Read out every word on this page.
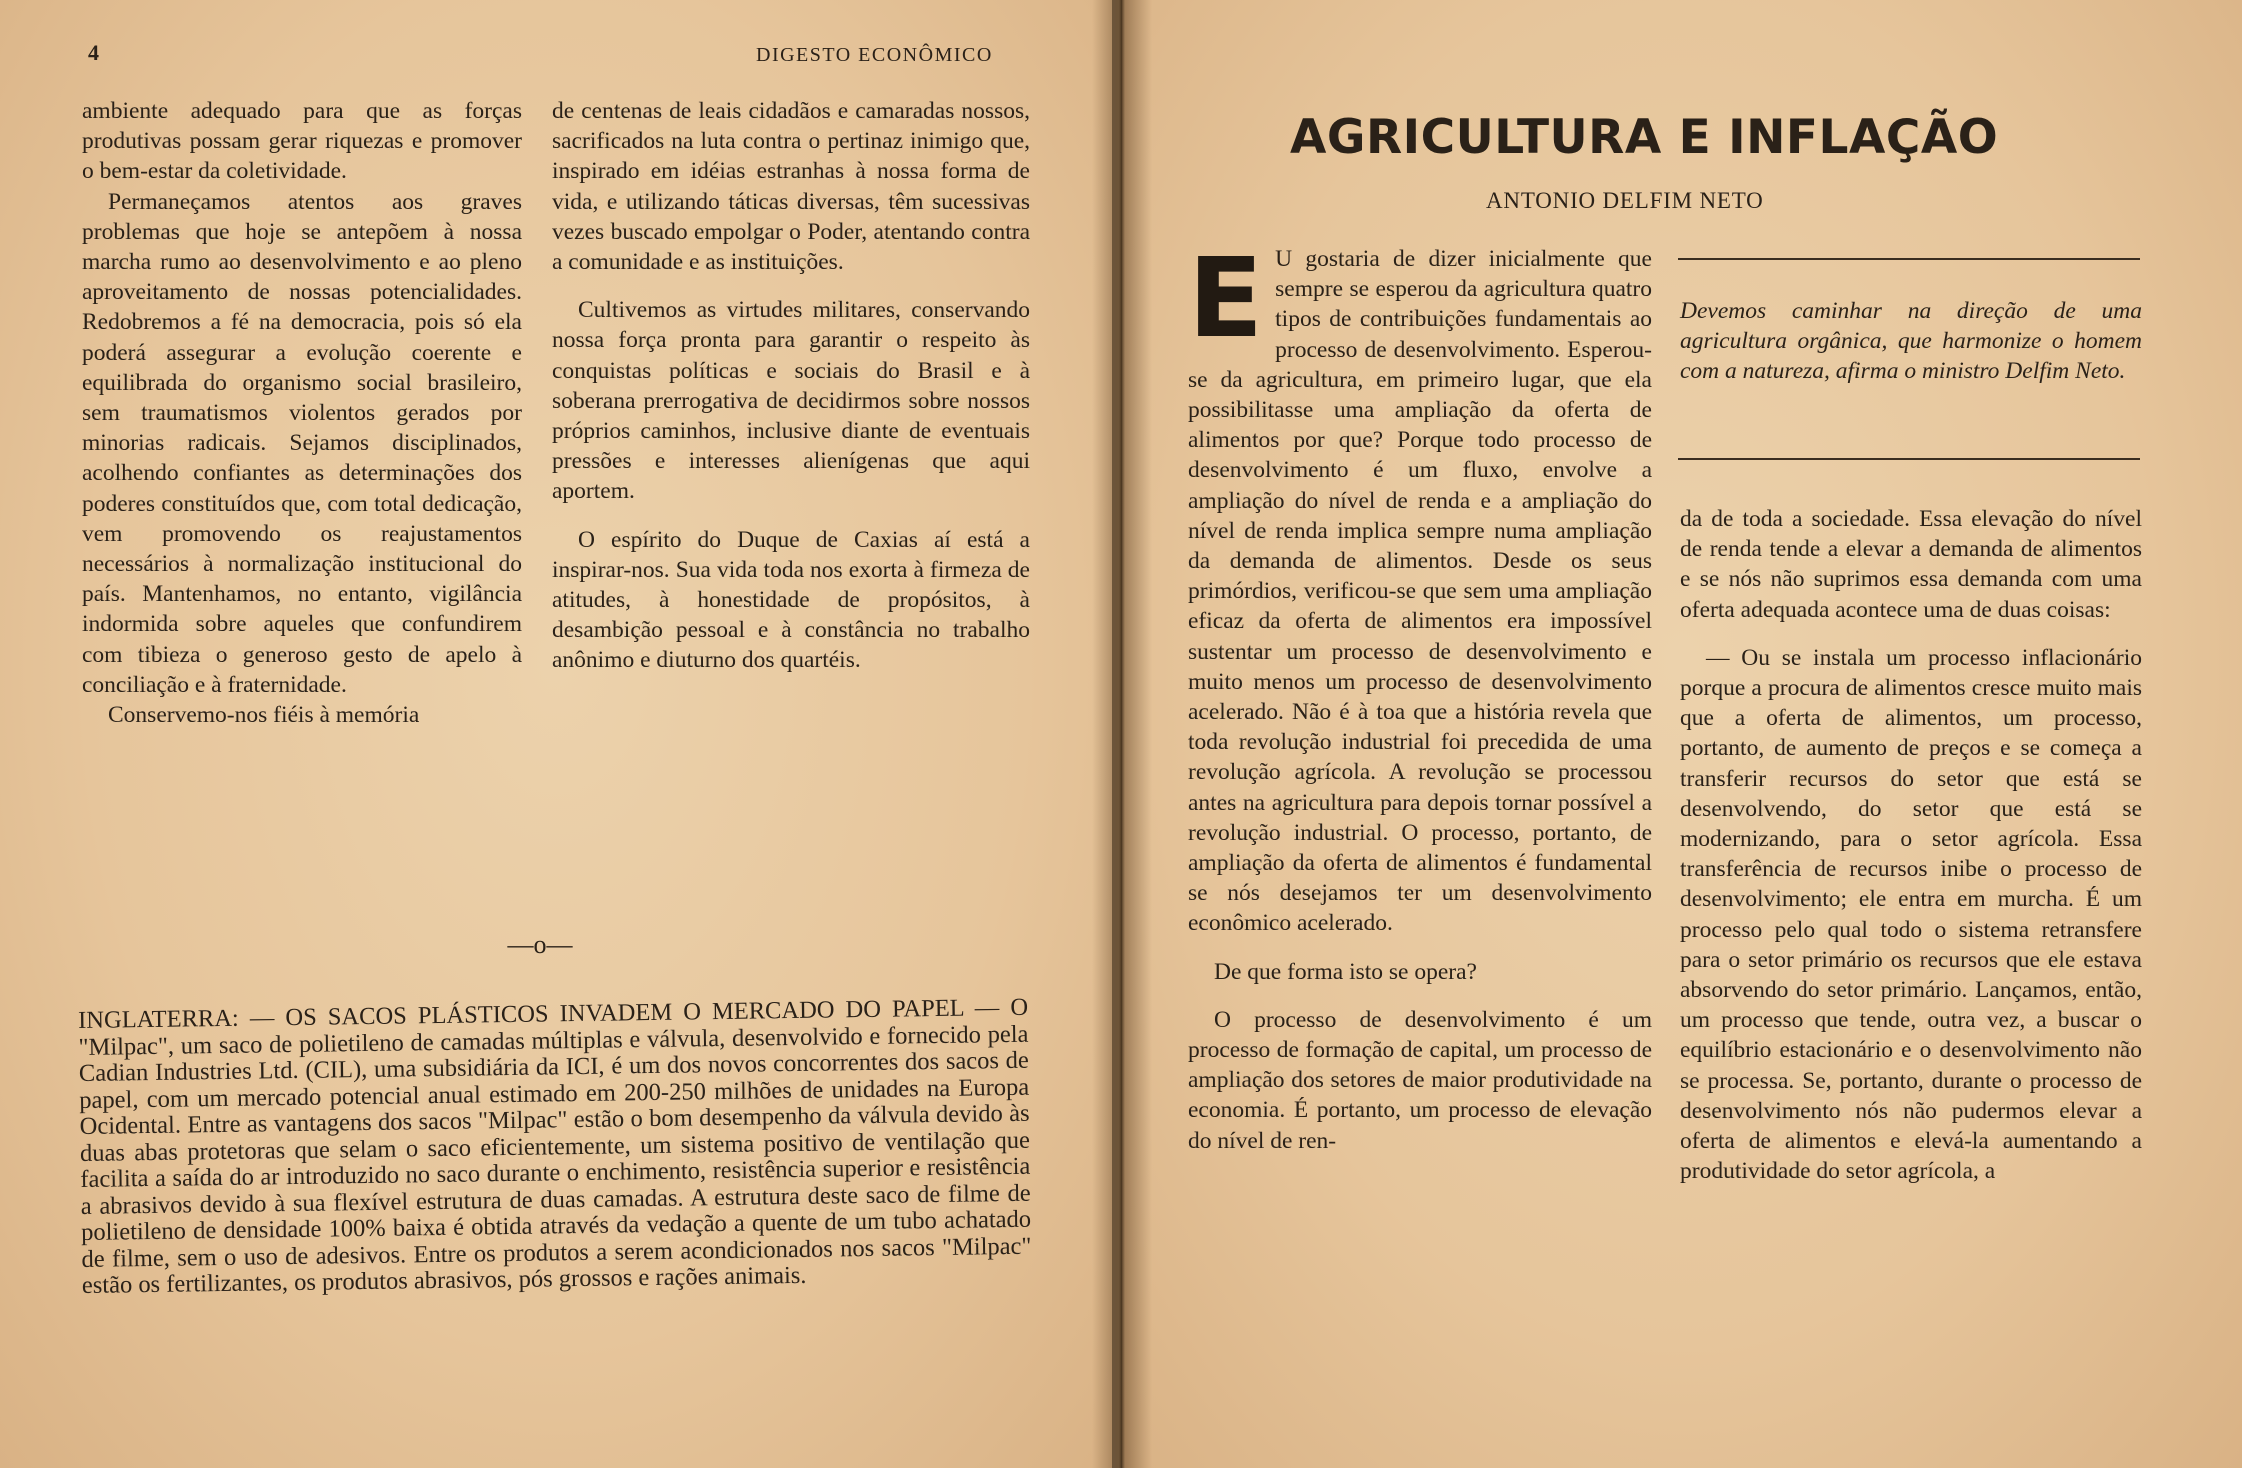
4	DIGESTO ECONÔMICO

ambiente adequado para que as forças produtivas possam gerar riquezas e promover o bem-estar da coletividade.

Permaneçamos atentos aos graves problemas que hoje se antepõem à nossa marcha rumo ao desenvolvimento e ao pleno aproveitamento de nossas potencialidades. Redobremos a fé na democracia, pois só ela poderá assegurar a evolução coerente e equilibrada do organismo social brasileiro, sem traumatismos violentos gerados por minorias radicais. Sejamos disciplinados, acolhendo confiantes as determinações dos poderes constituídos que, com total dedicação, vem promovendo os reajustamentos necessários à normalização institucional do país. Mantenhamos, no entanto, vigilância indormida sobre aqueles que confundirem com tibieza o generoso gesto de apelo à conciliação e à fraternidade.

Conservemo-nos fiéis à memória

de centenas de leais cidadãos e camaradas nossos, sacrificados na luta contra o pertinaz inimigo que, inspirado em idéias estranhas à nossa forma de vida, e utilizando táticas diversas, têm sucessivas vezes buscado empolgar o Poder, atentando contra a comunidade e as instituições.

Cultivemos as virtudes militares, conservando nossa força pronta para garantir o respeito às conquistas políticas e sociais do Brasil e à soberana prerrogativa de decidirmos sobre nossos próprios caminhos, inclusive diante de eventuais pressões e interesses alienígenas que aqui aportem.

O espírito do Duque de Caxias aí está a inspirar-nos. Sua vida toda nos exorta à firmeza de atitudes, à honestidade de propósitos, à desambição pessoal e à constância no trabalho anônimo e diuturno dos quartéis.

—o—
INGLATERRA: — OS SACOS PLÁSTICOS INVADEM O MERCADO DO PAPEL — O "Milpac", um saco de polietileno de camadas múltiplas e válvula, desenvolvido e fornecido pela Cadian Industries Ltd. (CIL), uma subsidiária da ICI, é um dos novos concorrentes dos sacos de papel, com um mercado potencial anual estimado em 200-250 milhões de unidades na Europa Ocidental. Entre as vantagens dos sacos "Milpac" estão o bom desempenho da válvula devido às duas abas protetoras que selam o saco eficientemente, um sistema positivo de ventilação que facilita a saída do ar introduzido no saco durante o enchimento, resistência superior e resistência a abrasivos devido à sua flexível estrutura de duas camadas. A estrutura deste saco de filme de polietileno de densidade 100% baixa é obtida através da vedação a quente de um tubo achatado de filme, sem o uso de adesivos. Entre os produtos a serem acondicionados nos sacos "Milpac" estão os fertilizantes, os produtos abrasivos, pós grossos e rações animais.
AGRICULTURA E INFLAÇÃO
ANTONIO DELFIM NETO

E U gostaria de dizer inicialmente que sempre se esperou da agricultura quatro tipos de contribuições fundamentais ao processo de desenvolvimento. Esperou-se da agricultura, em primeiro lugar, que ela possibilitasse uma ampliação da oferta de alimentos por que? Porque todo processo de desenvolvimento é um fluxo, envolve a ampliação do nível de renda e a ampliação do nível de renda implica sempre numa ampliação da demanda de alimentos. Desde os seus primórdios, verificou-se que sem uma ampliação eficaz da oferta de alimentos era impossível sustentar um processo de desenvolvimento e muito menos um processo de desenvolvimento acelerado. Não é à toa que a história revela que toda revolução industrial foi precedida de uma revolução agrícola. A revolução se processou antes na agricultura para depois tornar possível a revolução industrial. O processo, portanto, de ampliação da oferta de alimentos é fundamental se nós desejamos ter um desenvolvimento econômico acelerado.

De que forma isto se opera?

O processo de desenvolvimento é um processo de formação de capital, um processo de ampliação dos setores de maior produtividade na economia. É portanto, um processo de elevação do nível de ren-

Devemos caminhar na direção de uma agricultura orgânica, que harmonize o homem com a natureza, afirma o ministro Delfim Neto.

da de toda a sociedade. Essa elevação do nível de renda tende a elevar a demanda de alimentos e se nós não suprimos essa demanda com uma oferta adequada acontece uma de duas coisas:

— Ou se instala um processo inflacionário porque a procura de alimentos cresce muito mais que a oferta de alimentos, um processo, portanto, de aumento de preços e se começa a transferir recursos do setor que está se desenvolvendo, do setor que está se modernizando, para o setor agrícola. Essa transferência de recursos inibe o processo de desenvolvimento; ele entra em murcha. É um processo pelo qual todo o sistema retransfere para o setor primário os recursos que ele estava absorvendo do setor primário. Lançamos, então, um processo que tende, outra vez, a buscar o equilíbrio estacionário e o desenvolvimento não se processa. Se, portanto, durante o processo de desenvolvimento nós não pudermos elevar a oferta de alimentos e elevá-la aumentando a produtividade do setor agrícola, a
